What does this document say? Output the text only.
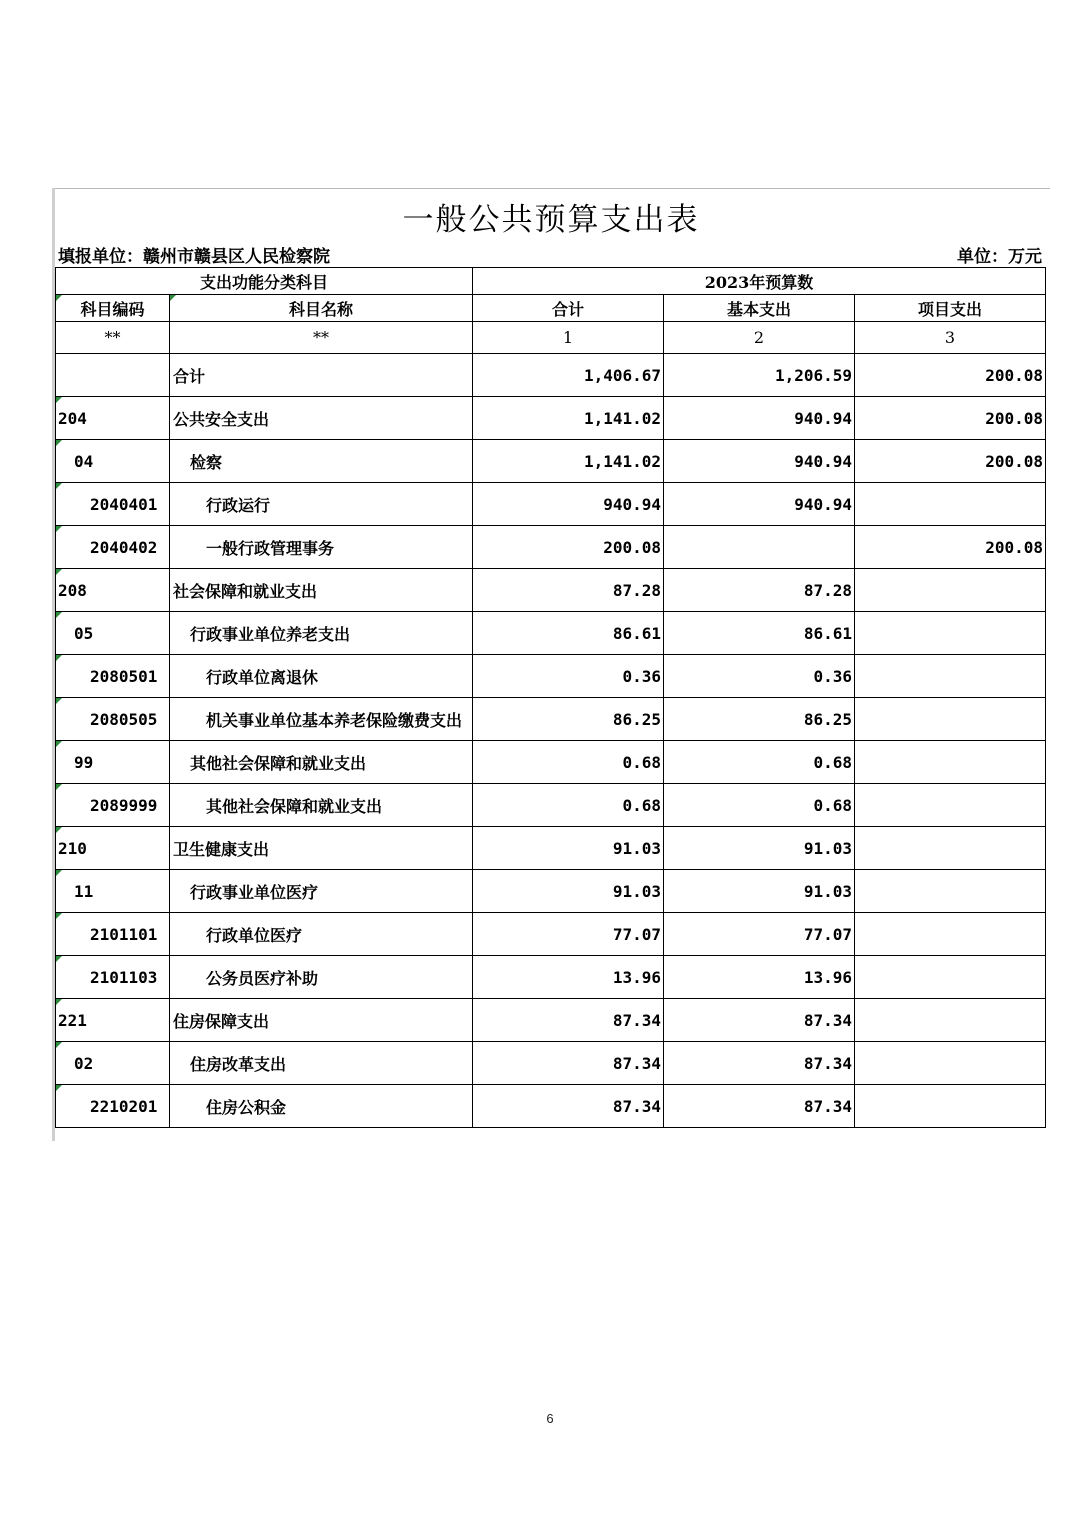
一般公共预算支出表
填报单位：赣州市赣县区人民检察院	单位：万元
支出功能分类科目		2023年预算数		

科目编码	科目名称	合计	基本支出	项目支出
**	**	1	2	3
	合计	1,406.67	1,206.59	200.08

204	公共安全支出	1,141.02	940.94	200.08

04	检察	1,141.02	940.94	200.08

2040401	行政运行	940.94	940.94	

2040402	一般行政管理事务	200.08		200.08

208	社会保障和就业支出	87.28	87.28	

05	行政事业单位养老支出	86.61	86.61	

2080501	行政单位离退休	0.36	0.36	

2080505	机关事业单位基本养老保险缴费支出	86.25	86.25	

99	其他社会保障和就业支出	0.68	0.68	

2089999	其他社会保障和就业支出	0.68	0.68	

210	卫生健康支出	91.03	91.03	

11	行政事业单位医疗	91.03	91.03	

2101101	行政单位医疗	77.07	77.07	

2101103	公务员医疗补助	13.96	13.96	

221	住房保障支出	87.34	87.34	

02	住房改革支出	87.34	87.34	

2210201	住房公积金	87.34	87.34	
6
